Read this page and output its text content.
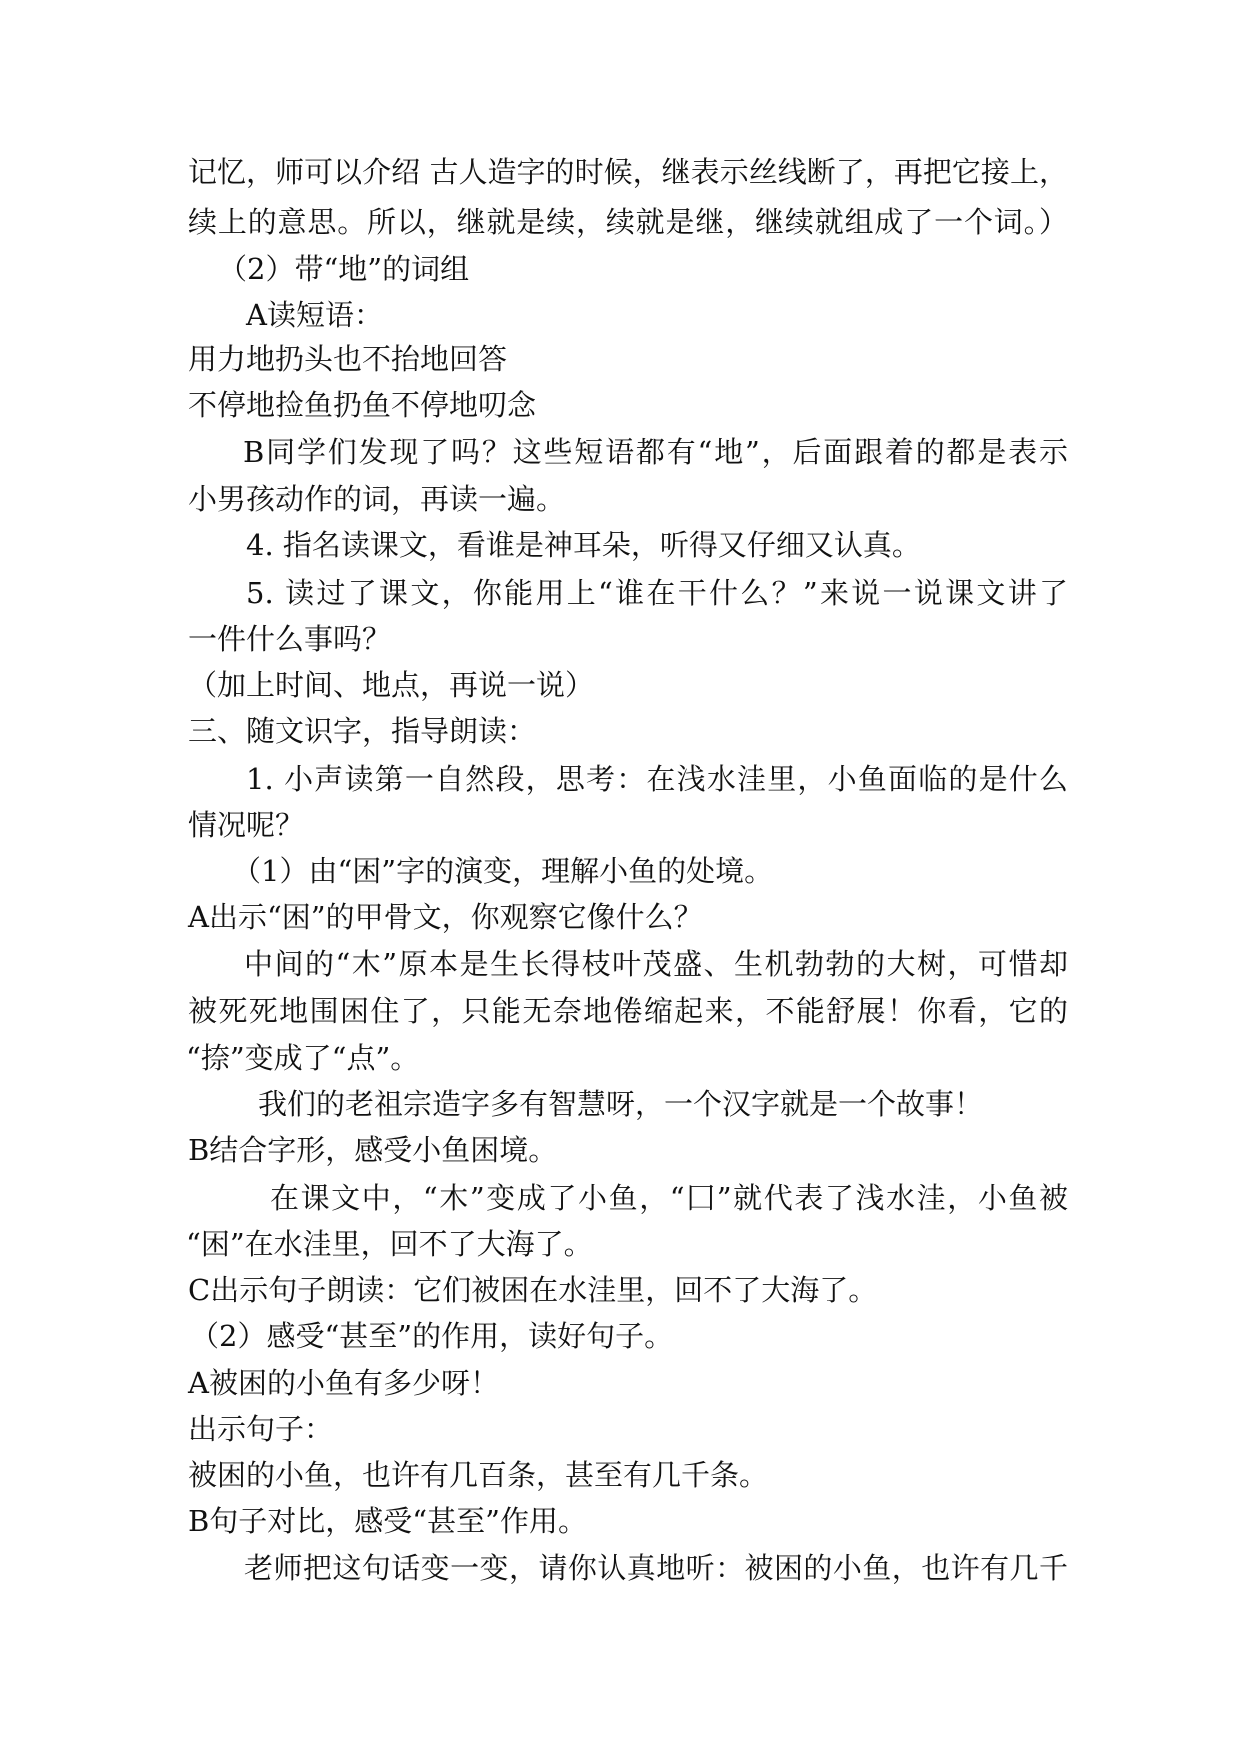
记忆，师可以介绍 古人造字的时候，继表示丝线断了，再把它接上，
续上的意思。所以，继就是续，续就是继，继续就组成了一个词。）
（2）带“地”的词组
A读短语：
用力地扔头也不抬地回答
不停地捡鱼扔鱼不停地叨念
B同学们发现了吗？这些短语都有“地”，后面跟着的都是表示
小男孩动作的词，再读一遍。
4. 指名读课文，看谁是神耳朵，听得又仔细又认真。
5. 读过了课文，你能用上“谁在干什么？”来说一说课文讲了
一件什么事吗？
（加上时间、地点，再说一说）
三、随文识字，指导朗读：
1. 小声读第一自然段，思考：在浅水洼里，小鱼面临的是什么
情况呢？
（1）由“困”字的演变，理解小鱼的处境。
A出示“困”的甲骨文，你观察它像什么？
中间的“木”原本是生长得枝叶茂盛、生机勃勃的大树，可惜却
被死死地围困住了，只能无奈地倦缩起来，不能舒展！你看，它的
“捺”变成了“点”。
我们的老祖宗造字多有智慧呀，一个汉字就是一个故事！
B结合字形，感受小鱼困境。
在课文中，“木”变成了小鱼，“囗”就代表了浅水洼，小鱼被
“困”在水洼里，回不了大海了。
C出示句子朗读：它们被困在水洼里，回不了大海了。
（2）感受“甚至”的作用，读好句子。
A被困的小鱼有多少呀！
出示句子：
被困的小鱼，也许有几百条，甚至有几千条。
B句子对比，感受“甚至”作用。
老师把这句话变一变，请你认真地听：被困的小鱼，也许有几千
